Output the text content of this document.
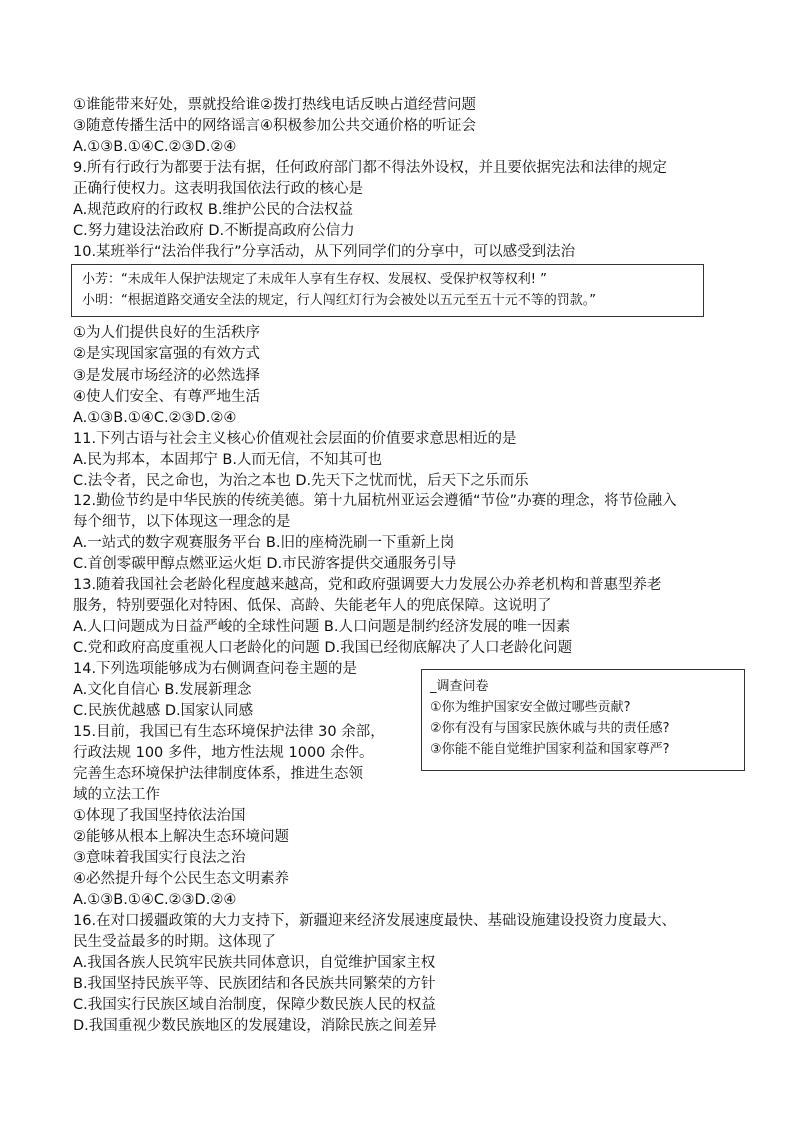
①谁能带来好处，票就投给谁②拨打热线电话反映占道经营问题
③随意传播生活中的网络谣言④积极参加公共交通价格的听证会
A.①③B.①④C.②③D.②④
9.所有行政行为都要于法有据，任何政府部门都不得法外设权，并且要依据宪法和法律的规定
正确行使权力。这表明我国依法行政的核心是
A.规范政府的行政权 B.维护公民的合法权益
C.努力建设法治政府 D.不断提高政府公信力
10.某班举行“法治伴我行”分享活动，从下列同学们的分享中，可以感受到法治
小芳：“未成年人保护法规定了未成年人享有生存权、发展权、受保护权等权利! ”
小明：“根据道路交通安全法的规定，行人闯红灯行为会被处以五元至五十元不等的罚款。”
①为人们提供良好的生活秩序
②是实现国家富强的有效方式
③是发展市场经济的必然选择
④使人们安全、有尊严地生活
A.①③B.①④C.②③D.②④
11.下列古语与社会主义核心价值观社会层面的价值要求意思相近的是
A.民为邦本，本固邦宁 B.人而无信，不知其可也
C.法令者，民之命也，为治之本也 D.先天下之忧而忧，后天下之乐而乐
12.勤俭节约是中华民族的传统美德。第十九届杭州亚运会遵循“节俭”办赛的理念，将节俭融入
每个细节，以下体现这一理念的是
A.一站式的数字观赛服务平台 B.旧的座椅洗刷一下重新上岗
C.首创零碳甲醇点燃亚运火炬 D.市民游客提供交通服务引导
13.随着我国社会老龄化程度越来越高，党和政府强调要大力发展公办养老机构和普惠型养老
服务，特别要强化对特困、低保、高龄、失能老年人的兜底保障。这说明了
A.人口问题成为日益严峻的全球性问题 B.人口问题是制约经济发展的唯一因素
C.党和政府高度重视人口老龄化的问题 D.我国已经彻底解决了人口老龄化问题
14.下列选项能够成为右侧调查问卷主题的是
A.文化自信心 B.发展新理念
C.民族优越感 D.国家认同感
_调查问卷
①你为维护国家安全做过哪些贡献?
②你有没有与国家民族休戚与共的责任感?
③你能不能自觉维护国家利益和国家尊严?
15.目前，我国已有生态环境保护法律 30 余部，
行政法规 100 多件，地方性法规 1000 余件。
完善生态环境保护法律制度体系，推进生态领
域的立法工作
①体现了我国坚持依法治国
②能够从根本上解决生态环境问题
③意味着我国实行良法之治
④必然提升每个公民生态文明素养
A.①③B.①④C.②③D.②④
16.在对口援疆政策的大力支持下，新疆迎来经济发展速度最快、基础设施建设投资力度最大、
民生受益最多的时期。这体现了
A.我国各族人民筑牢民族共同体意识，自觉维护国家主权
B.我国坚持民族平等、民族团结和各民族共同繁荣的方针
C.我国实行民族区域自治制度，保障少数民族人民的权益
D.我国重视少数民族地区的发展建设，消除民族之间差异
